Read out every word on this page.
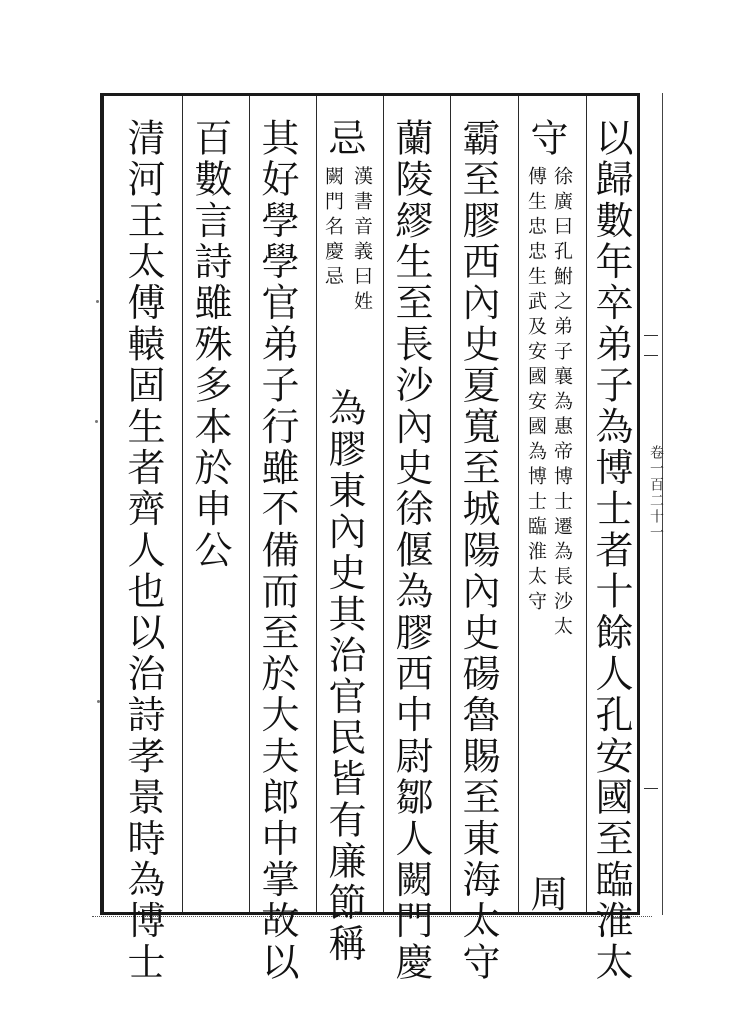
卷一百二十一
以歸數年卒弟子為博士者十餘人孔安國至臨淮太
守
徐廣曰孔鮒之弟子襄為惠帝博士遷為長沙太
傅生忠忠生武及安國安國為博士臨淮太守
周
霸至膠西內史夏寬至城陽內史碭魯賜至東海太守
蘭陵繆生至長沙內史徐偃為膠西中尉鄒人闕門慶
忌
漢書音義曰姓
闕門名慶忌
為膠東內史其治官民皆有廉節稱
其好學學官弟子行雖不備而至於大夫郎中掌故以
百數言詩雖殊多本於申公
清河王太傅轅固生者齊人也以治詩孝景時為博士
